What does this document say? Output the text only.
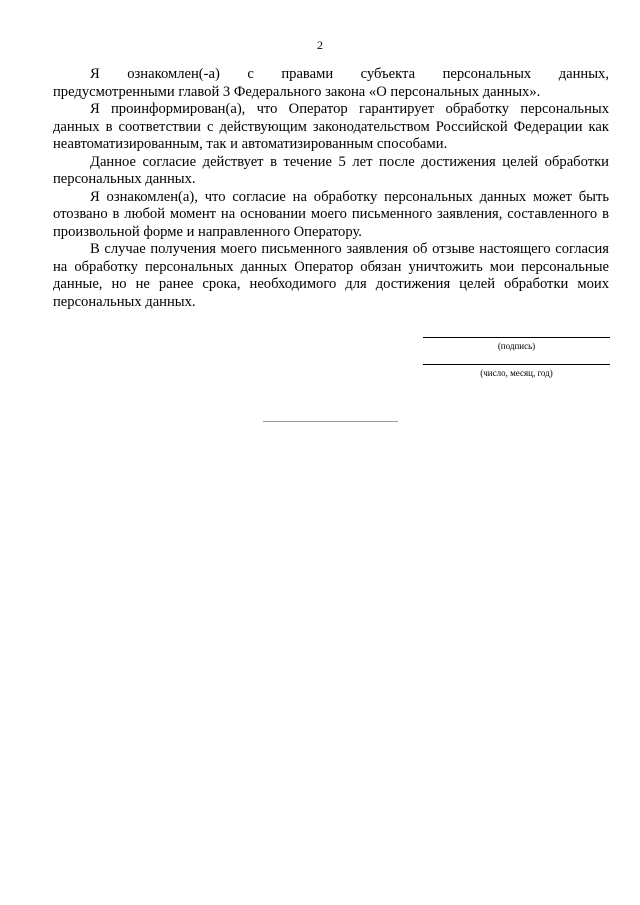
2

Я ознакомлен(-а) с правами субъекта персональных данных,
предусмотренными главой 3 Федерального закона «О персональных данных».

Я проинформирован(а), что Оператор гарантирует обработку персональных данных в соответствии с действующим законодательством Российской Федерации как неавтоматизированным, так и автоматизированным способами.

Данное согласие действует в течение 5 лет после достижения целей обработки персональных данных.

Я ознакомлен(а), что согласие на обработку персональных данных может быть отозвано в любой момент на основании моего письменного заявления, составленного в произвольной форме и направленного Оператору.

В случае получения моего письменного заявления об отзыве настоящего согласия на обработку персональных данных Оператор обязан уничтожить мои персональные данные, но не ранее срока, необходимого для достижения целей обработки моих персональных данных.

(подпись)
(число, месяц, год)
